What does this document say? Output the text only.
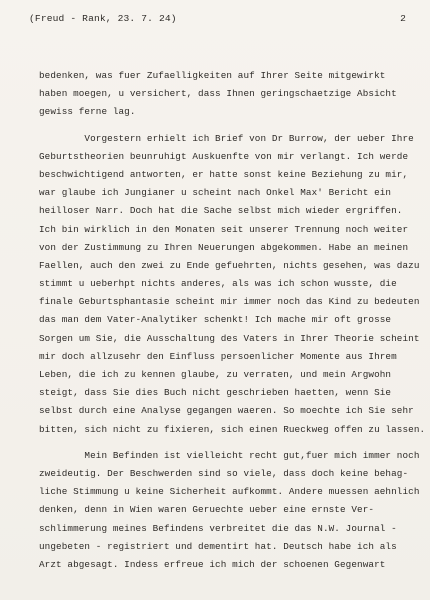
(Freud - Rank, 23. 7. 24)	2
bedenken, was fuer Zufaelligkeiten auf Ihrer Seite mitgewirkt
haben moegen, u versichert, dass Ihnen geringschaetzige Absicht
gewiss ferne lag.
Vorgestern erhielt ich Brief von Dr Burrow, der ueber Ihre
Geburtstheorien beunruhigt Auskuenfte von mir verlangt. Ich werde
beschwichtigend antworten, er hatte sonst keine Beziehung zu mir,
war glaube ich Jungianer u scheint nach Onkel Max' Bericht ein
heilloser Narr. Doch hat die Sache selbst mich wieder ergriffen.
Ich bin wirklich in den Monaten seit unserer Trennung noch weiter
von der Zustimmung zu Ihren Neuerungen abgekommen. Habe an meinen
Faellen, auch den zwei zu Ende gefuehrten, nichts gesehen, was dazu
stimmt u ueberhpt nichts anderes, als was ich schon wusste, die
finale Geburtsphantasie scheint mir immer noch das Kind zu bedeuten
das man dem Vater-Analytiker schenkt! Ich mache mir oft grosse
Sorgen um Sie, die Ausschaltung des Vaters in Ihrer Theorie scheint
mir doch allzusehr den Einfluss persoenlicher Momente aus Ihrem
Leben, die ich zu kennen glaube, zu verraten, und mein Argwohn
steigt, dass Sie dies Buch nicht geschrieben haetten, wenn Sie
selbst durch eine Analyse gegangen waeren. So moechte ich Sie sehr
bitten, sich nicht zu fixieren, sich einen Rueckweg offen zu lassen.
Mein Befinden ist vielleicht recht gut,fuer mich immer noch
zweideutig. Der Beschwerden sind so viele, dass doch keine behag-
liche Stimmung u keine Sicherheit aufkommt. Andere muessen aehnlich
denken, denn in Wien waren Geruechte ueber eine ernste Ver-
schlimmerung meines Befindens verbreitet die das N.W. Journal -
ungebeten - registriert und dementirt hat. Deutsch habe ich als
Arzt abgesagt. Indess erfreue ich mich der schoenen Gegenwart
